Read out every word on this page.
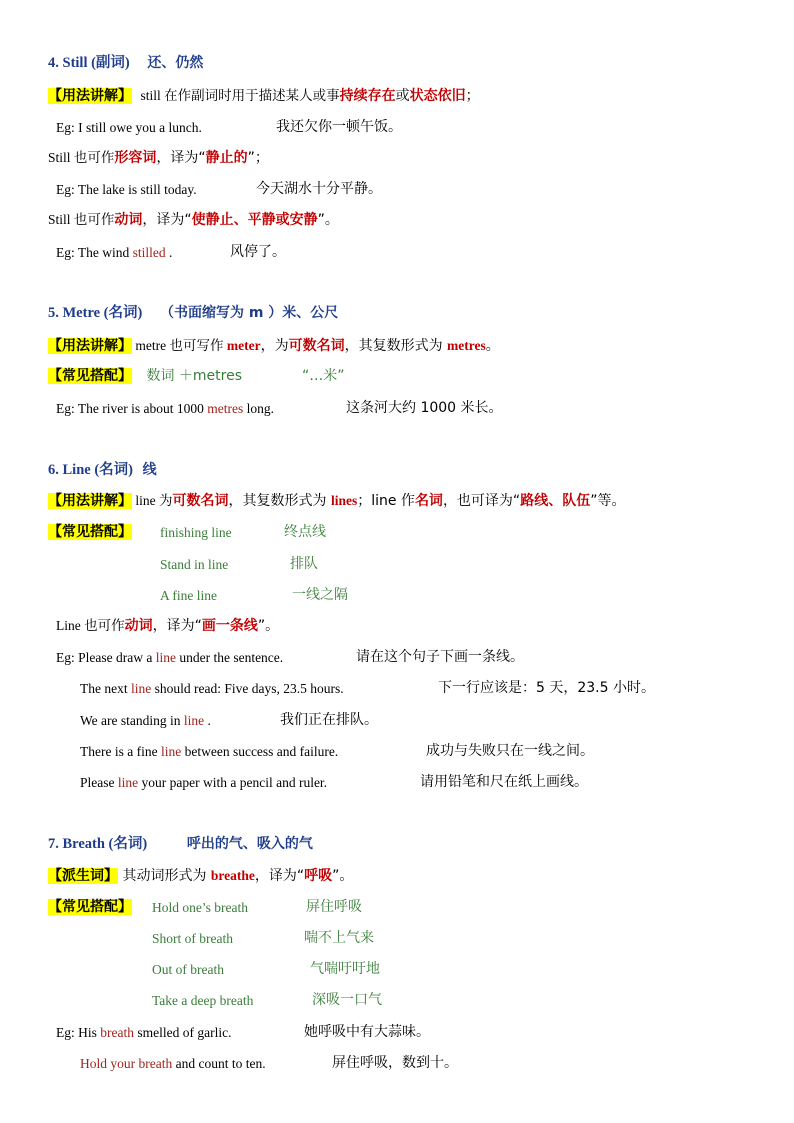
4. Still (副词) 还、仍然
【用法讲解】 still 在作副词时用于描述某人或事持续存在或状态依旧；
Eg: I still owe you a lunch.	我还欠你一顿午饭。
Still 也可作形容词，译为“静止的”；
Eg: The lake is still today.	今天湖水十分平静。
Still 也可作动词，译为“使静止、平静或安静”。
Eg: The wind stilled .	风停了。
5. Metre (名词) （书面缩写为 m ）米、公尺
【用法讲解】 metre 也可写作 meter，为可数名词，其复数形式为 metres。
【常见搭配】 数词 ＋metres	“…米”
Eg: The river is about 1000 metres long.	这条河大约 1000 米长。
6. Line (名词) 线
【用法讲解】 line 为可数名词，其复数形式为 lines；line 作名词，也可译为“路线、队伍”等。
【常见搭配】 finishing line	终点线
Stand in line	排队
A fine line	一线之隔
Line 也可作动词，译为“画一条线”。
Eg: Please draw a line under the sentence.	请在这个句子下画一条线。
The next line should read: Five days, 23.5 hours.	下一行应该是：5 天，23.5 小时。
We are standing in line .	我们正在排队。
There is a fine line between success and failure.	成功与失败只在一线之间。
Please line your paper with a pencil and ruler.	请用铅笔和尺在纸上画线。
7. Breath (名词)	呼出的气、吸入的气
【派生词】 其动词形式为 breathe，译为“呼吸”。
【常见搭配】 Hold one’s breath	屏住呼吸
Short of breath	喘不上气来
Out of breath	气喘吁吁地
Take a deep breath	深吸一口气
Eg: His breath smelled of garlic.	她呼吸中有大蒜味。
Hold your breath and count to ten.	屏住呼吸，数到十。
